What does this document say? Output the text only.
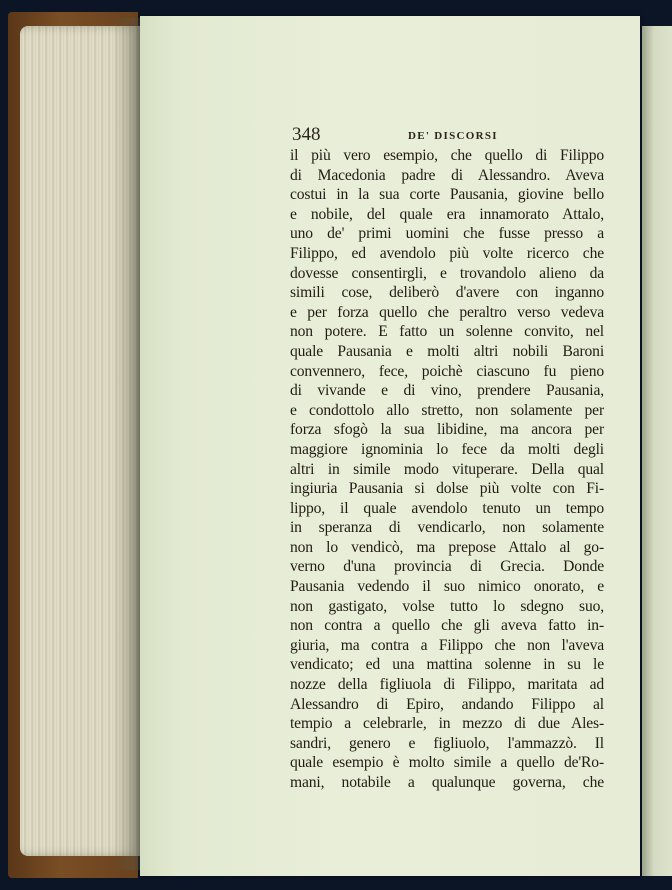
348	DE' DISCORSI
il più vero esempio, che quello di Filippo
di Macedonia padre di Alessandro. Aveva
costui in la sua corte Pausania, giovine bello
e nobile, del quale era innamorato Attalo,
uno de' primi uomini che fusse presso a
Filippo, ed avendolo più volte ricerco che
dovesse consentirgli, e trovandolo alieno da
simili cose, deliberò d'avere con inganno
e per forza quello che peraltro verso vedeva
non potere. E fatto un solenne convito, nel
quale Pausania e molti altri nobili Baroni
convennero, fece, poichè ciascuno fu pieno
di vivande e di vino, prendere Pausania,
e condottolo allo stretto, non solamente per
forza sfogò la sua libidine, ma ancora per
maggiore ignominia lo fece da molti degli
altri in simile modo vituperare. Della qual
ingiuria Pausania si dolse più volte con Fi-
lippo, il quale avendolo tenuto un tempo
in speranza di vendicarlo, non solamente
non lo vendicò, ma prepose Attalo al go-
verno d'una provincia di Grecia. Donde
Pausania vedendo il suo nimico onorato, e
non gastigato, volse tutto lo sdegno suo,
non contra a quello che gli aveva fatto in-
giuria, ma contra a Filippo che non l'aveva
vendicato; ed una mattina solenne in su le
nozze della figliuola di Filippo, maritata ad
Alessandro di Epiro, andando Filippo al
tempio a celebrarle, in mezzo di due Ales-
sandri, genero e figliuolo, l'ammazzò. Il
quale esempio è molto simile a quello de'Ro-
mani, notabile a qualunque governa, che
